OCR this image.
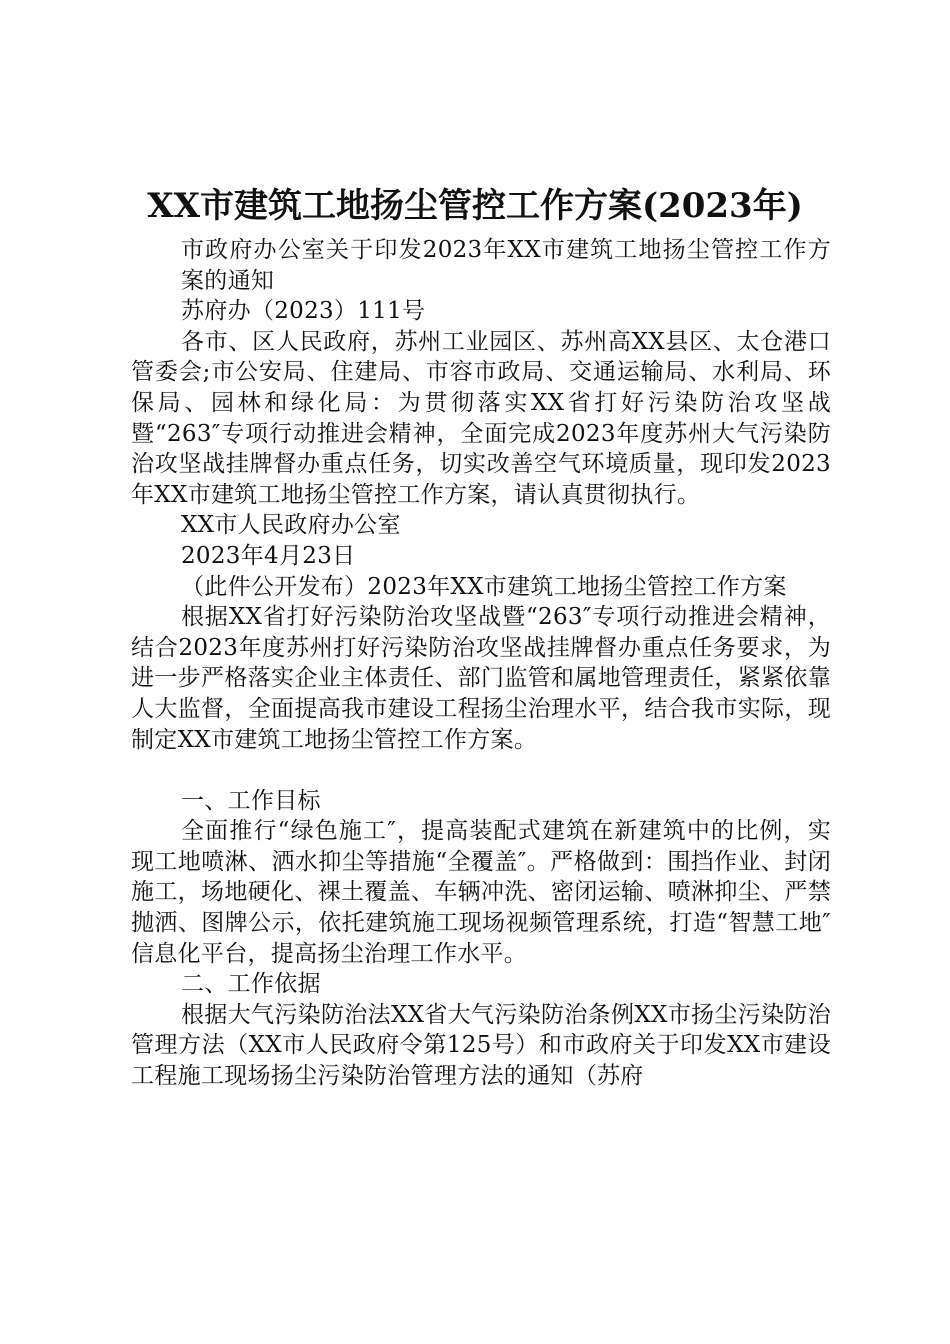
XX市建筑工地扬尘管控工作方案(2023年)

市政府办公室关于印发2023年XX市建筑工地扬尘管控工作方案的通知

苏府办（2023）111号

各市、区人民政府，苏州工业园区、苏州高XX县区、太仓港口管委会;市公安局、住建局、市容市政局、交通运输局、水利局、环保局、园林和绿化局：为贯彻落实XX省打好污染防治攻坚战暨“263″专项行动推进会精神，全面完成2023年度苏州大气污染防治攻坚战挂牌督办重点任务，切实改善空气环境质量，现印发2023年XX市建筑工地扬尘管控工作方案，请认真贯彻执行。

XX市人民政府办公室

2023年4月23日

（此件公开发布）2023年XX市建筑工地扬尘管控工作方案

根据XX省打好污染防治攻坚战暨“263″专项行动推进会精神，结合2023年度苏州打好污染防治攻坚战挂牌督办重点任务要求，为进一步严格落实企业主体责任、部门监管和属地管理责任，紧紧依靠人大监督，全面提高我市建设工程扬尘治理水平，结合我市实际，现制定XX市建筑工地扬尘管控工作方案。

一、工作目标

全面推行“绿色施工″，提高装配式建筑在新建筑中的比例，实现工地喷淋、洒水抑尘等措施“全覆盖″。严格做到：围挡作业、封闭施工，场地硬化、裸土覆盖、车辆冲洗、密闭运输、喷淋抑尘、严禁抛洒、图牌公示，依托建筑施工现场视频管理系统，打造“智慧工地″信息化平台，提高扬尘治理工作水平。

二、工作依据

根据大气污染防治法XX省大气污染防治条例XX市扬尘污染防治管理方法（XX市人民政府令第125号）和市政府关于印发XX市建设工程施工现场扬尘污染防治管理方法的通知（苏府
